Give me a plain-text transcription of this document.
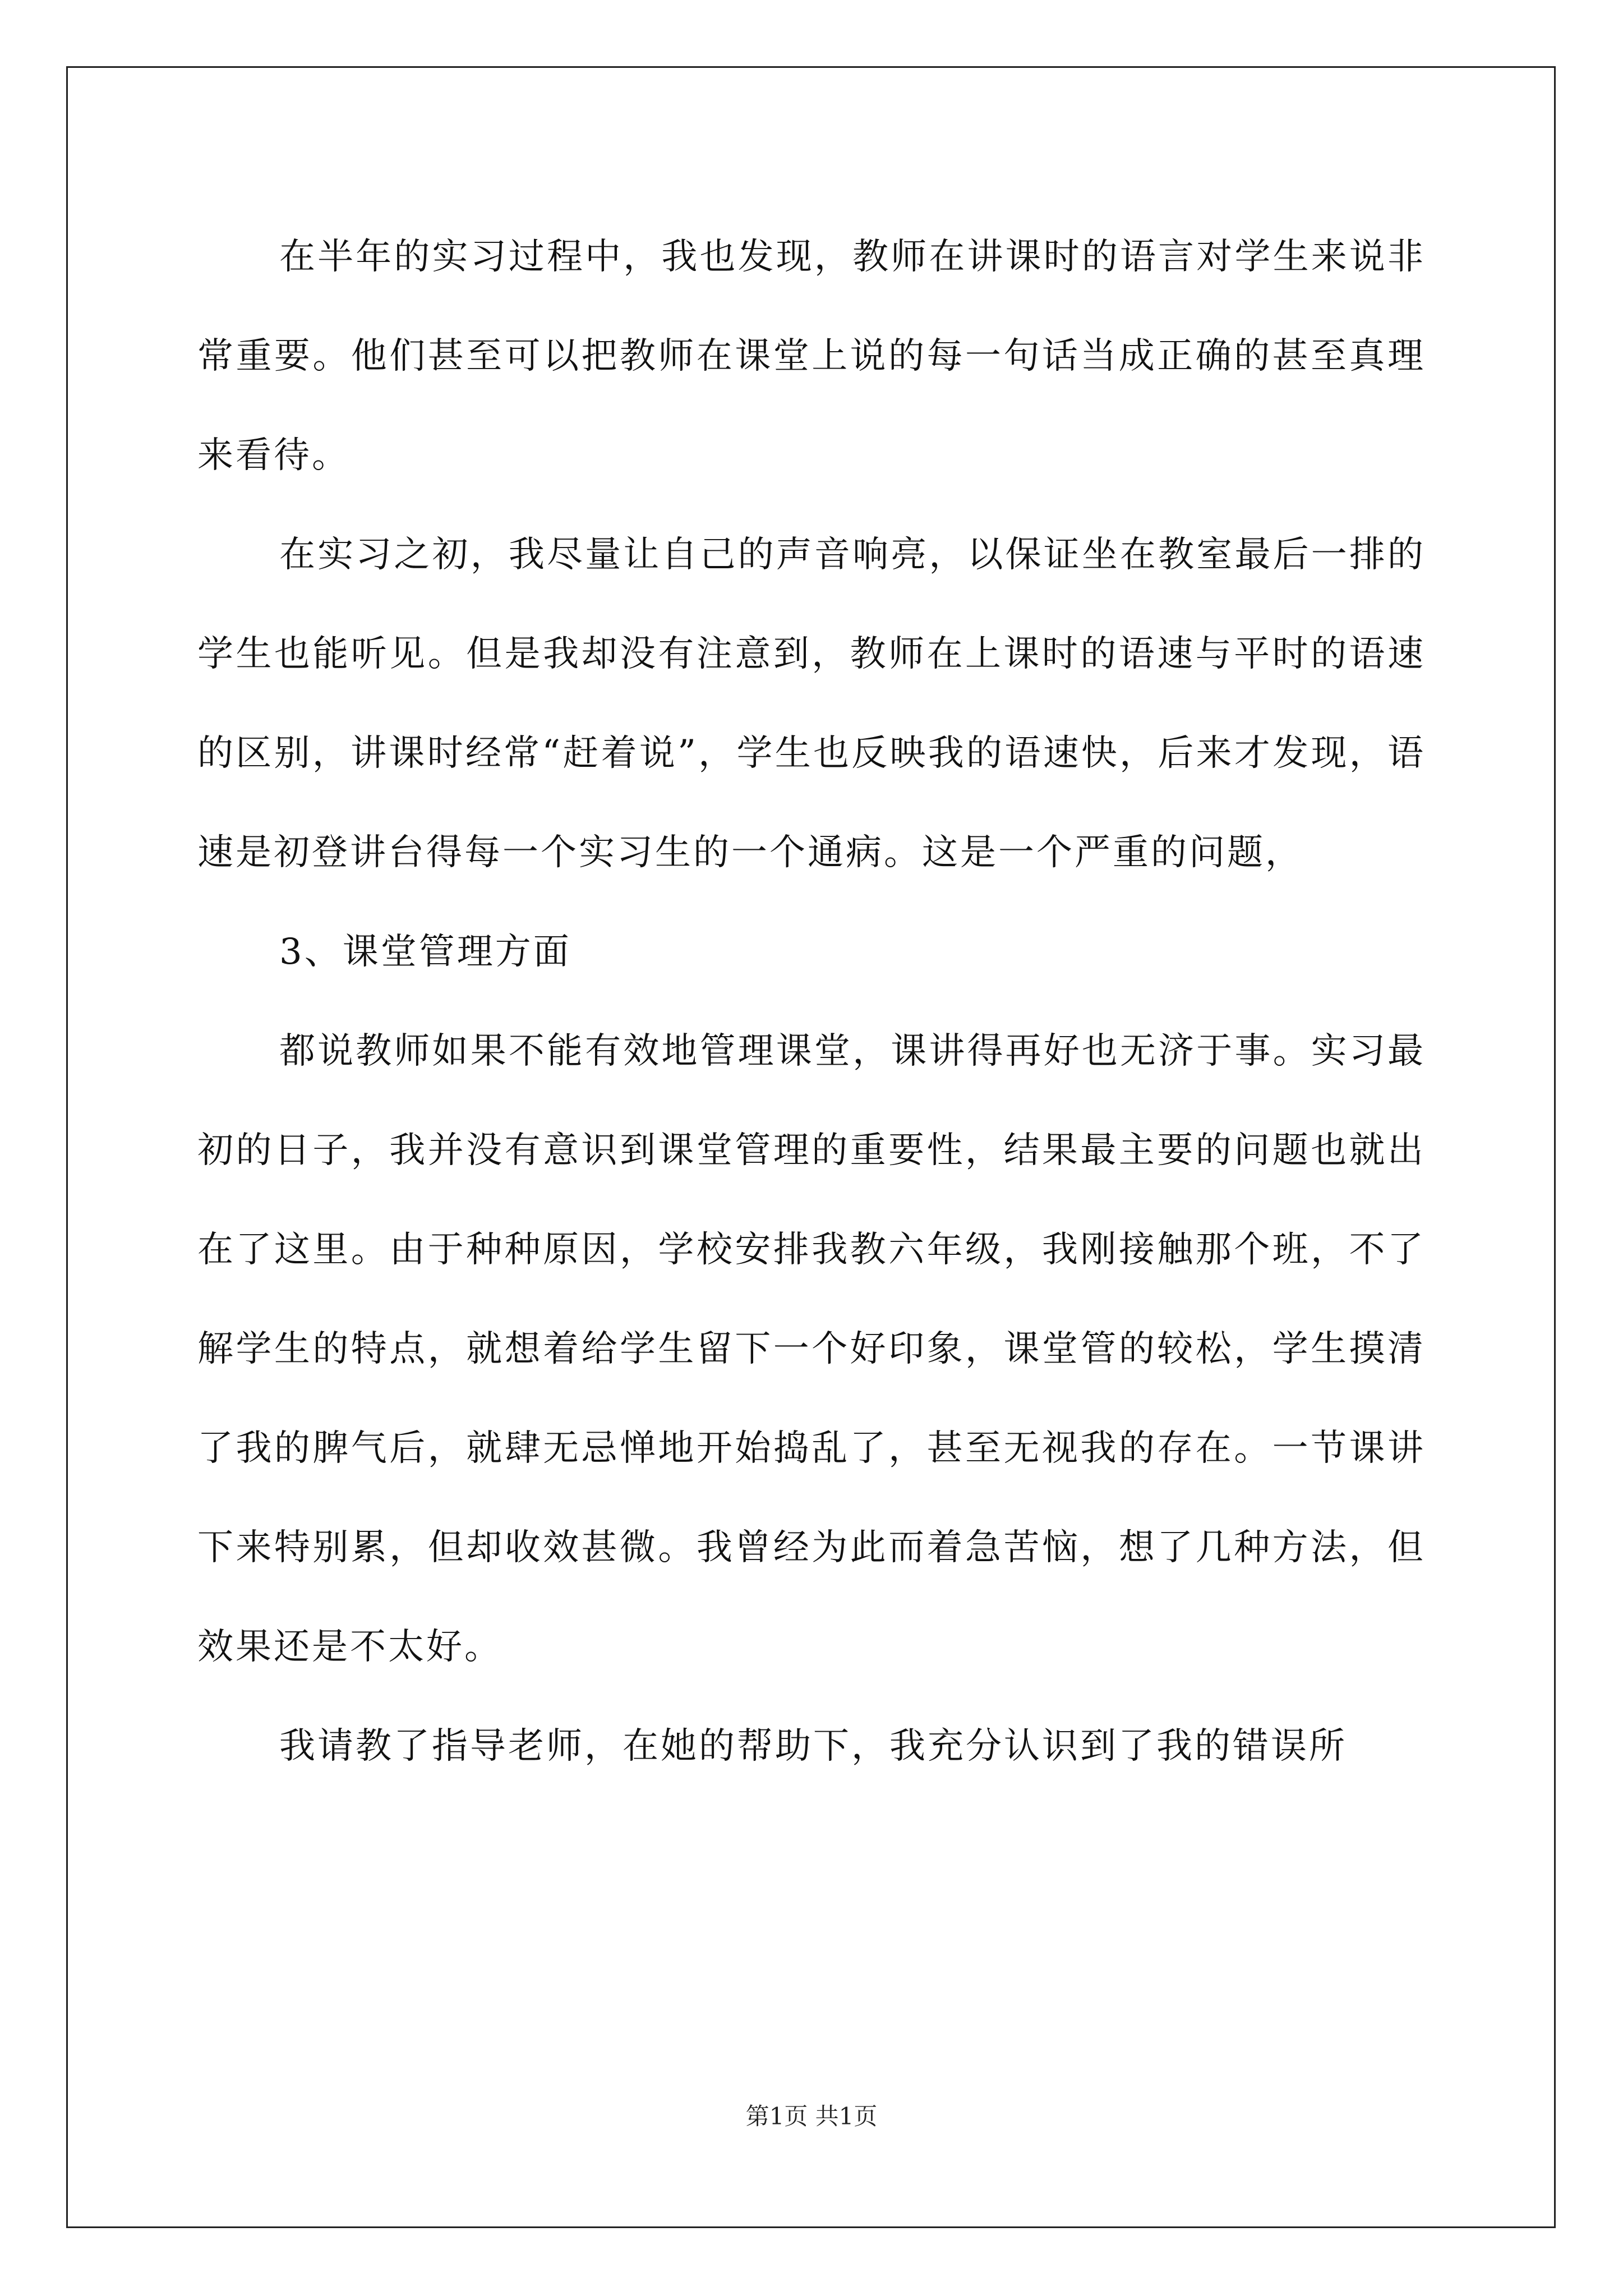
在半年的实习过程中，我也发现，教师在讲课时的语言对学生来说非常重要。他们甚至可以把教师在课堂上说的每一句话当成正确的甚至真理来看待。

在实习之初，我尽量让自己的声音响亮，以保证坐在教室最后一排的学生也能听见。但是我却没有注意到，教师在上课时的语速与平时的语速的区别，讲课时经常“赶着说”，学生也反映我的语速快，后来才发现，语速是初登讲台得每一个实习生的一个通病。这是一个严重的问题，

3、课堂管理方面

都说教师如果不能有效地管理课堂，课讲得再好也无济于事。实习最初的日子，我并没有意识到课堂管理的重要性，结果最主要的问题也就出在了这里。由于种种原因，学校安排我教六年级，我刚接触那个班，不了解学生的特点，就想着给学生留下一个好印象，课堂管的较松，学生摸清了我的脾气后，就肆无忌惮地开始捣乱了，甚至无视我的存在。一节课讲下来特别累，但却收效甚微。我曾经为此而着急苦恼，想了几种方法，但效果还是不太好。

我请教了指导老师，在她的帮助下，我充分认识到了我的错误所

第1页 共1页
